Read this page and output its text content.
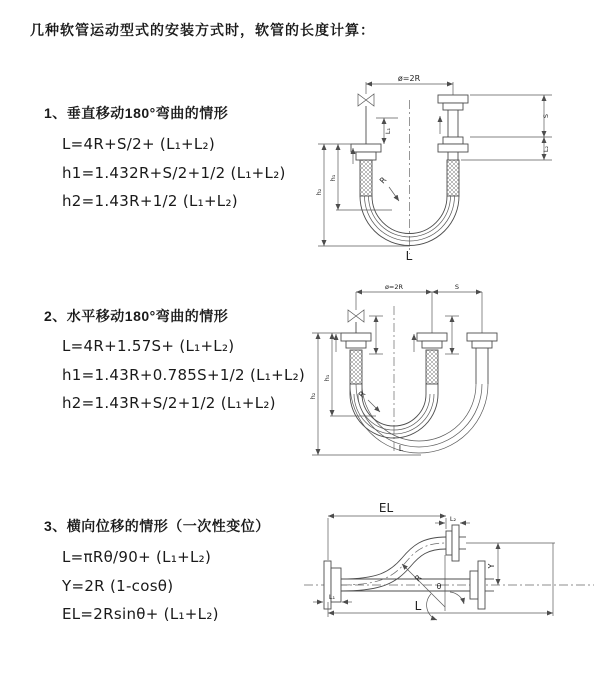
几种软管运动型式的安装方式时，软管的长度计算：
1、垂直移动180°弯曲的情形
L=4R+S/2+ (L₁+L₂)
h1=1.432R+S/2+1/2 (L₁+L₂)
h2=1.43R+1/2 (L₁+L₂)
ø=2R
h₂
h₁
L₁
S
L₂
R
L
2、水平移动180°弯曲的情形
L=4R+1.57S+ (L₁+L₂)
h1=1.43R+0.785S+1/2 (L₁+L₂)
h2=1.43R+S/2+1/2 (L₁+L₂)
ø=2R	S
h₂
h₁
R
L
3、横向位移的情形（一次性变位）
L=πRθ/90+ (L₁+L₂)
Y=2R (1-cosθ)
EL=2Rsinθ+ (L₁+L₂)
EL
L₂
Y
R
θ
L₁
L
